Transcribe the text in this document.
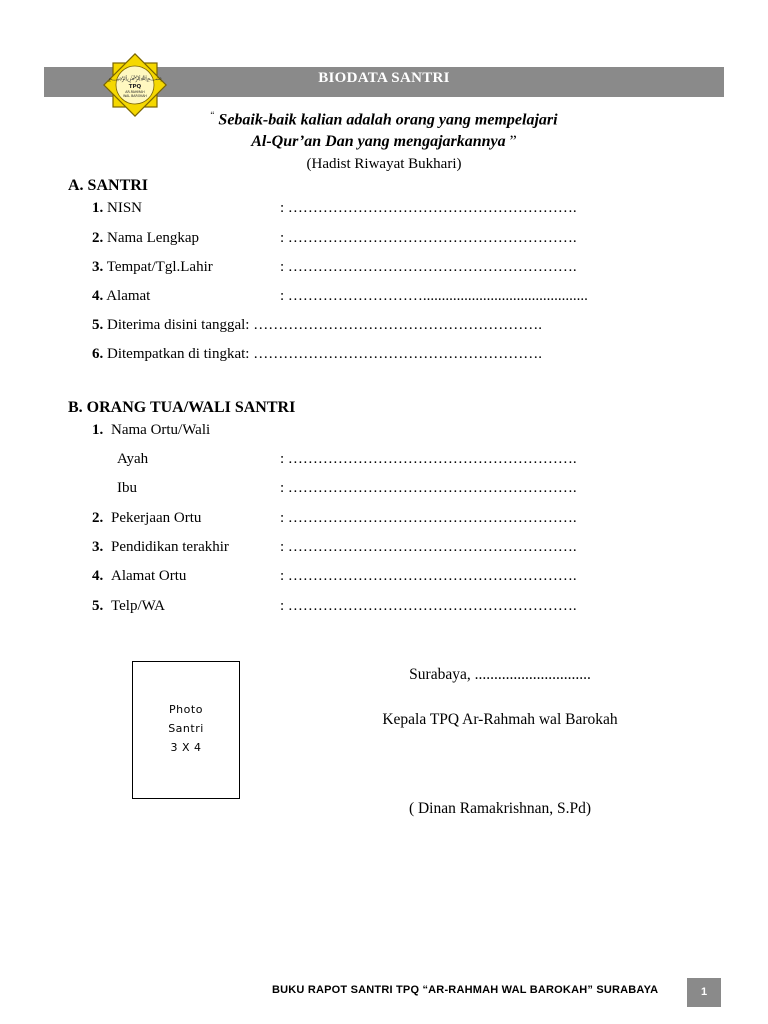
BIODATA SANTRI
﷽
TPQ
AR-RAHMAH
WAL BAROKAH
“ Sebaik-baik kalian adalah orang yang mempelajari
Al-Qur’an Dan yang mengajarkannya ”
(Hadist Riwayat Bukhari)
A. SANTRI
1. NISN	: ………………………………………………….
2. Nama Lengkap	: ………………………………………………….
3. Tempat/Tgl.Lahir	: ………………………………………………….
4. Alamat	: ………………………............................................
5. Diterima disini tanggal: ………………………………………………….
6. Ditempatkan di tingkat: ………………………………………………….
B. ORANG TUA/WALI SANTRI
1. Nama Ortu/Wali
Ayah	: ………………………………………………….
Ibu	: ………………………………………………….
2. Pekerjaan Ortu	: ………………………………………………….
3. Pendidikan terakhir	: ………………………………………………….
4. Alamat Ortu	: ………………………………………………….
5. Telp/WA	: ………………………………………………….
Photo
Santri
3 X 4
Surabaya, ..............................
Kepala TPQ Ar-Rahmah wal Barokah
( Dinan Ramakrishnan, S.Pd)
BUKU RAPOT SANTRI TPQ “AR-RAHMAH WAL BAROKAH” SURABAYA	1
